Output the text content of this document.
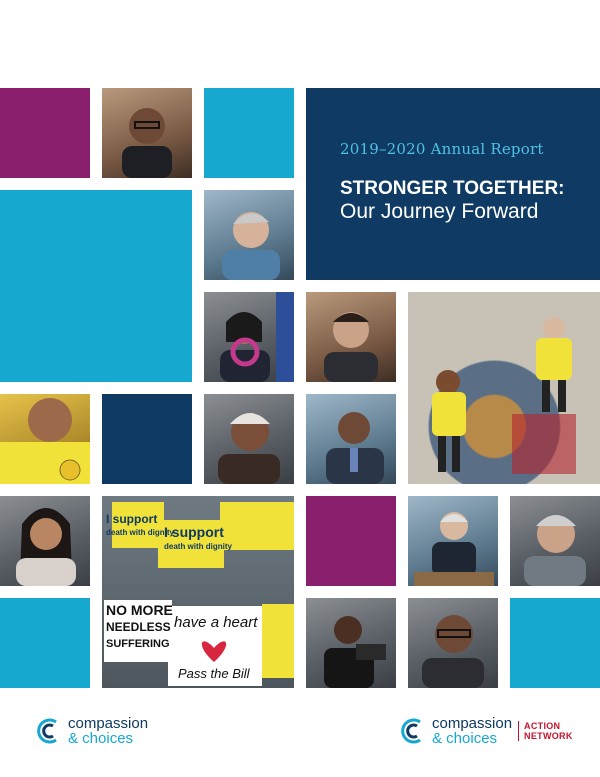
2019–2020 Annual Report
STRONGER TOGETHER:
Our Journey Forward
I support
death with dignity
I support
death with dignity
NO MORE
NEEDLESS
SUFFERING
have a heart
Pass the Bill
compassion
& choices
compassion
& choices
ACTION
NETWORK
